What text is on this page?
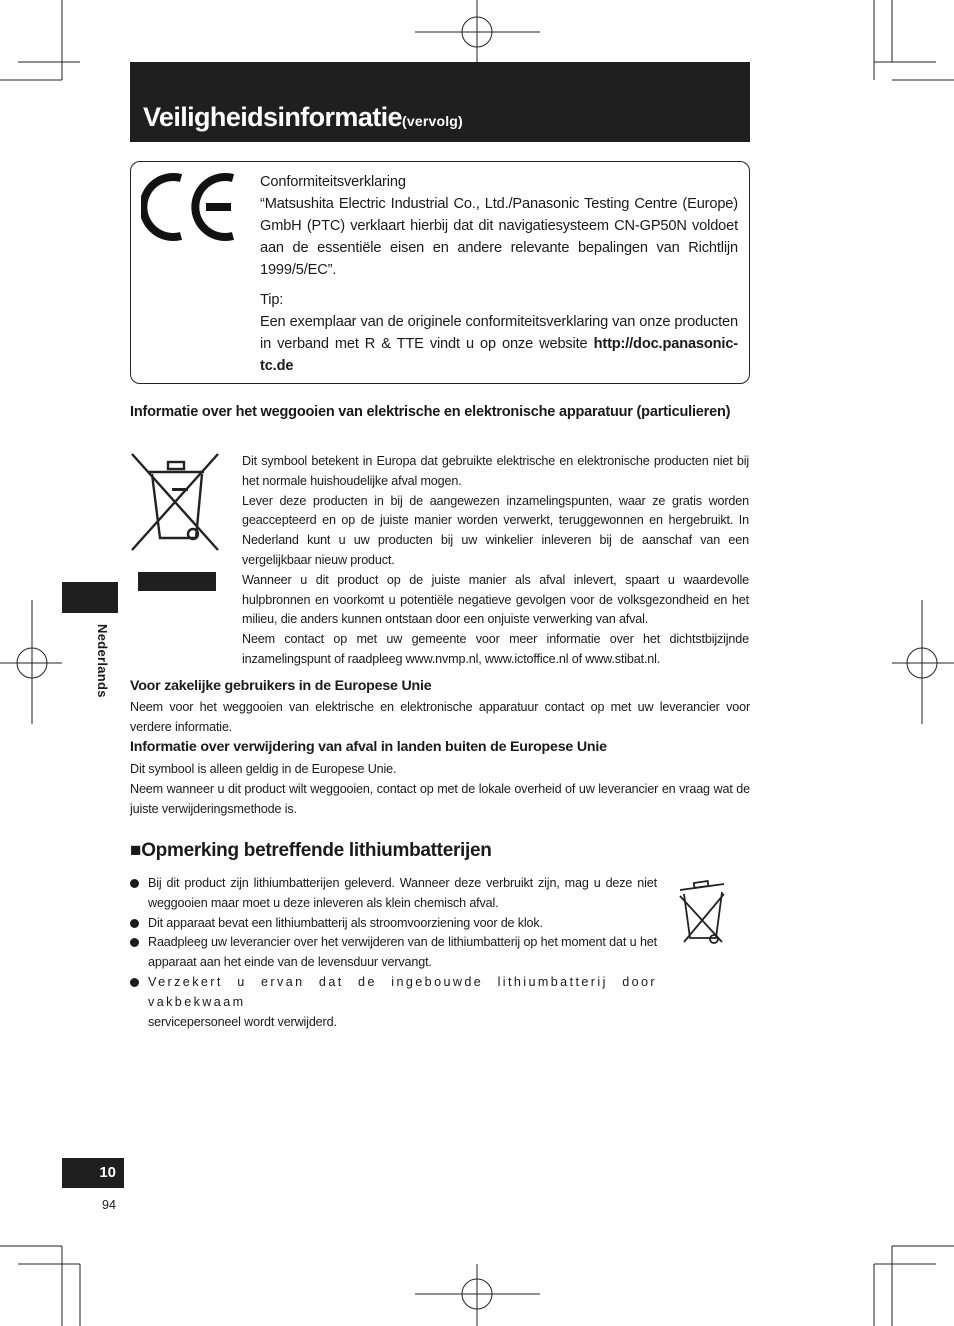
Veiligheidsinformatie(vervolg)

Conformiteitsverklaring

“Matsushita Electric Industrial Co., Ltd./Panasonic Testing Centre (Europe) GmbH (PTC) verklaart hierbij dat dit navigatiesysteem CN-GP50N voldoet aan de essentiële eisen en andere relevante bepalingen van Richtlijn 1999/5/EC”.

Tip:

Een exemplaar van de originele conformiteitsverklaring van onze producten in verband met R & TTE vindt u op onze website http://doc.panasonic-tc.de

Informatie over het weggooien van elektrische en elektronische apparatuur (particulieren)

Dit symbool betekent in Europa dat gebruikte elektrische en elektronische producten niet bij het normale huishoudelijke afval mogen.

Lever deze producten in bij de aangewezen inzamelingspunten, waar ze gratis worden geaccepteerd en op de juiste manier worden verwerkt, teruggewonnen en hergebruikt. In Nederland kunt u uw producten bij uw winkelier inleveren bij de aanschaf van een vergelijkbaar nieuw product.

Wanneer u dit product op de juiste manier als afval inlevert, spaart u waardevolle hulpbronnen en voorkomt u potentiële negatieve gevolgen voor de volksgezondheid en het milieu, die anders kunnen ontstaan door een onjuiste verwerking van afval.

Neem contact op met uw gemeente voor meer informatie over het dichtstbijzijnde inzamelingspunt of raadpleeg www.nvmp.nl, www.ictoffice.nl of www.stibat.nl.

Voor zakelijke gebruikers in de Europese Unie
Neem voor het weggooien van elektrische en elektronische apparatuur contact op met uw leverancier voor verdere informatie.
Informatie over verwijdering van afval in landen buiten de Europese Unie
Dit symbool is alleen geldig in de Europese Unie.
Neem wanneer u dit product wilt weggooien, contact op met de lokale overheid of uw leverancier en vraag wat de juiste verwijderingsmethode is.
Nederlands
■Opmerking betreffende lithiumbatterijen
Bij dit product zijn lithiumbatterijen geleverd. Wanneer deze verbruikt zijn, mag u deze niet weggooien maar moet u deze inleveren als klein chemisch afval.
Dit apparaat bevat een lithiumbatterij als stroomvoorziening voor de klok.
Raadpleeg uw leverancier over het verwijderen van de lithiumbatterij op het moment dat u het apparaat aan het einde van de levensduur vervangt.
Verzekert u ervan dat de ingebouwde lithiumbatterij door vakbekwaam
servicepersoneel wordt verwijderd.
10
94
